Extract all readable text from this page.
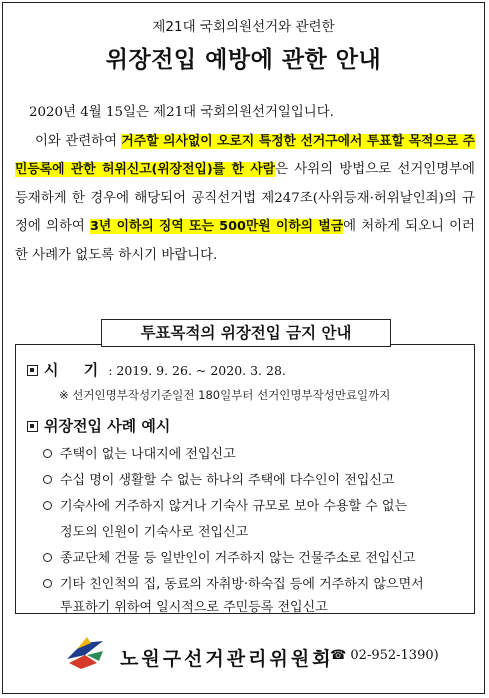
제21대 국회의원선거와 관련한
위장전입 예방에 관한 안내

2020년 4월 15일은 제21대 국회의원선거일입니다.

이와 관련하여 거주할 의사없이 오로지 특정한 선거구에서 투표할 목적으로 주민등록에 관한 허위신고(위장전입)를 한 사람은 사위의 방법으로 선거인명부에 등재하게 한 경우에 해당되어 공직선거법 제247조(사위등재·허위날인죄)의 규정에 의하여 3년 이하의 징역 또는 500만원 이하의 벌금에 처하게 되오니 이러한 사례가 없도록 하시기 바랍니다.

투표목적의 위장전입 금지 안내
시 기: 2019. 9. 26. ~ 2020. 3. 28.
※ 선거인명부작성기준일전 180일부터 선거인명부작성만료일까지
위장전입 사례 예시
주택이 없는 나대지에 전입신고
수십 명이 생활할 수 없는 하나의 주택에 다수인이 전입신고
기숙사에 거주하지 않거나 기숙사 규모로 보아 수용할 수 없는
정도의 인원이 기숙사로 전입신고
종교단체 건물 등 일반인이 거주하지 않는 건물주소로 전입신고
기타 친인척의 집, 동료의 자취방·하숙집 등에 거주하지 않으면서
투표하기 위하여 일시적으로 주민등록 전입신고
노원구선거관리위원회
(☎ 02-952-1390)
